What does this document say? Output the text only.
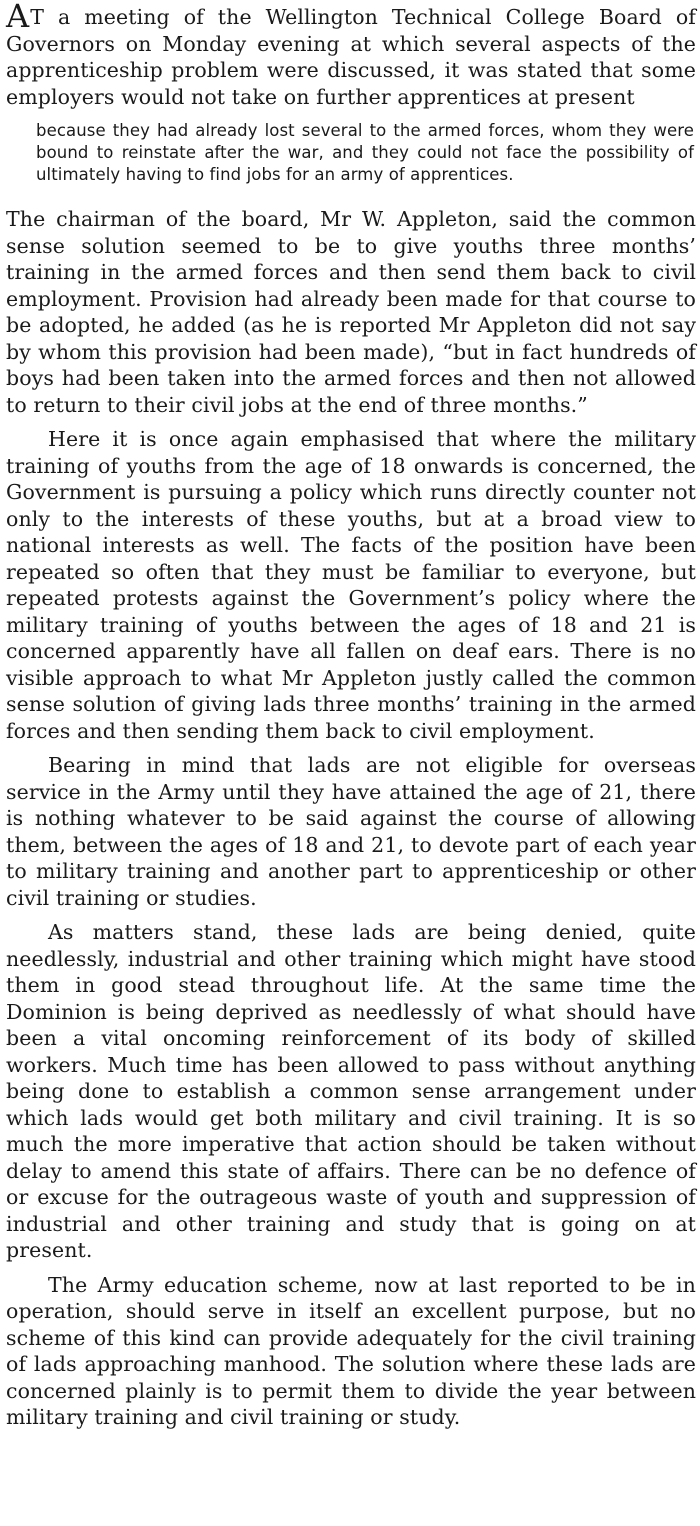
AT a meeting of the Wellington Technical College Board of Governors on Monday evening at which several aspects of the apprenticeship problem were discussed, it was stated that some employers would not take on further apprentices at present

because they had already lost several to the armed forces, whom they were bound to reinstate after the war, and they could not face the possibility of ultimately having to find jobs for an army of apprentices.

The chairman of the board, Mr W. Appleton, said the common sense solution seemed to be to give youths three months’ training in the armed forces and then send them back to civil employment. Provision had already been made for that course to be adopted, he added (as he is reported Mr Appleton did not say by whom this provision had been made), “but in fact hundreds of boys had been taken into the armed forces and then not allowed to return to their civil jobs at the end of three months.”

Here it is once again emphasised that where the military training of youths from the age of 18 onwards is concerned, the Government is pursuing a policy which runs directly counter not only to the interests of these youths, but at a broad view to national interests as well. The facts of the position have been repeated so often that they must be familiar to everyone, but repeated protests against the Government’s policy where the military training of youths between the ages of 18 and 21 is concerned apparently have all fallen on deaf ears. There is no visible approach to what Mr Appleton justly called the common sense solution of giving lads three months’ training in the armed forces and then sending them back to civil employment.

Bearing in mind that lads are not eligible for overseas service in the Army until they have attained the age of 21, there is nothing whatever to be said against the course of allowing them, between the ages of 18 and 21, to devote part of each year to military training and another part to apprenticeship or other civil training or studies.

As matters stand, these lads are being denied, quite needlessly, industrial and other training which might have stood them in good stead throughout life. At the same time the Dominion is being deprived as needlessly of what should have been a vital oncoming reinforcement of its body of skilled workers. Much time has been allowed to pass without anything being done to establish a common sense arrangement under which lads would get both military and civil training. It is so much the more imperative that action should be taken without delay to amend this state of affairs. There can be no defence of or excuse for the outrageous waste of youth and suppression of industrial and other training and study that is going on at present.

The Army education scheme, now at last reported to be in operation, should serve in itself an excellent purpose, but no scheme of this kind can provide adequately for the civil training of lads approaching manhood. The solution where these lads are concerned plainly is to permit them to divide the year between military training and civil training or study.
